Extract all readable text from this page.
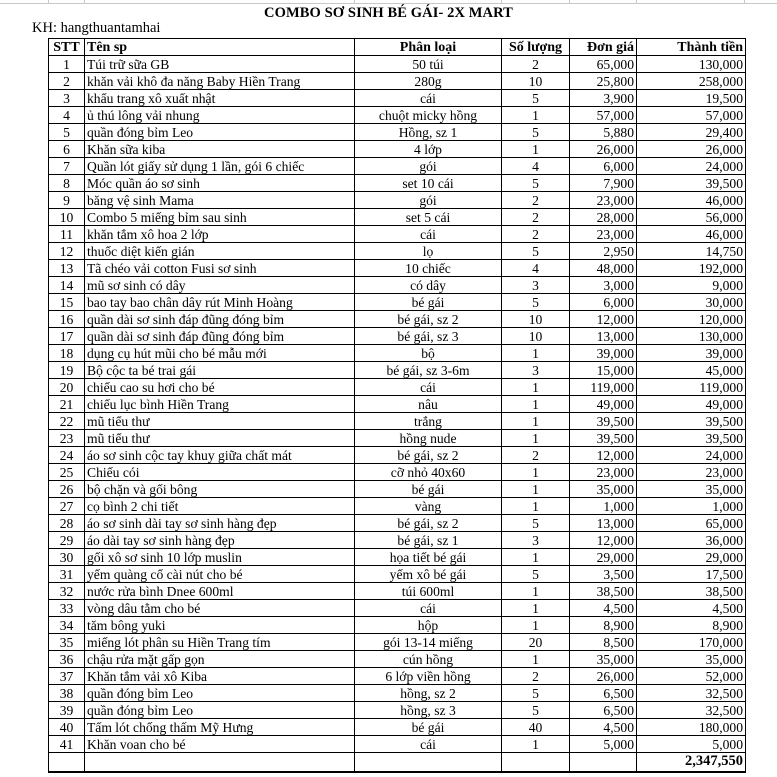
COMBO SƠ SINH BÉ GÁI- 2X MART
KH: hangthuantamhai
STT	Tên sp	Phân loại	Số lượng	Đơn giá	Thành tiền
1	Túi trữ sữa GB	50 túi	2	65,000	130,000
2	khăn vải khô đa năng Baby Hiền Trang	280g	10	25,800	258,000
3	khẩu trang xô xuất nhật	cái	5	3,900	19,500
4	ủ thú lông vải nhung	chuột micky hồng	1	57,000	57,000
5	quần đóng bỉm Leo	Hồng, sz 1	5	5,880	29,400
6	Khăn sữa kiba	4 lớp	1	26,000	26,000
7	Quần lót giấy sử dụng 1 lần, gói 6 chiếc	gói	4	6,000	24,000
8	Móc quần áo sơ sinh	set 10 cái	5	7,900	39,500
9	băng vệ sinh Mama	gói	2	23,000	46,000
10	Combo 5 miếng bỉm sau sinh	set 5 cái	2	28,000	56,000
11	khăn tắm xô hoa 2 lớp	cái	2	23,000	46,000
12	thuốc diệt kiến gián	lọ	5	2,950	14,750
13	Tã chéo vải cotton Fusi sơ sinh	10 chiếc	4	48,000	192,000
14	mũ sơ sinh có dây	có dây	3	3,000	9,000
15	bao tay bao chân dây rút Minh Hoàng	bé gái	5	6,000	30,000
16	quần dài sơ sinh đáp đũng đóng bỉm	bé gái, sz 2	10	12,000	120,000
17	quần dài sơ sinh đáp đũng đóng bỉm	bé gái, sz 3	10	13,000	130,000
18	dụng cụ hút mũi cho bé mẫu mới	bộ	1	39,000	39,000
19	Bộ cộc ta bé trai gái	bé gái, sz 3-6m	3	15,000	45,000
20	chiếu cao su hơi cho bé	cái	1	119,000	119,000
21	chiếu lục bình Hiền Trang	nâu	1	49,000	49,000
22	mũ tiểu thư	trắng	1	39,500	39,500
23	mũ tiểu thư	hồng nude	1	39,500	39,500
24	áo sơ sinh cộc tay khuy giữa chất mát	bé gái, sz 2	2	12,000	24,000
25	Chiếu cói	cỡ nhỏ 40x60	1	23,000	23,000
26	bộ chặn và gối bông	bé gái	1	35,000	35,000
27	cọ bình 2 chi tiết	vàng	1	1,000	1,000
28	áo sơ sinh dài tay sơ sinh hàng đẹp	bé gái, sz 2	5	13,000	65,000
29	áo dài tay sơ sinh hàng đẹp	bé gái, sz 1	3	12,000	36,000
30	gối xô sơ sinh 10 lớp muslin	họa tiết bé gái	1	29,000	29,000
31	yếm quàng cổ cài nút cho bé	yếm xô bé gái	5	3,500	17,500
32	nước rửa bình Dnee 600ml	túi 600ml	1	38,500	38,500
33	vòng dâu tằm cho bé	cái	1	4,500	4,500
34	tăm bông yuki	hộp	1	8,900	8,900
35	miếng lót phân su Hiền Trang tím	gói 13-14 miếng	20	8,500	170,000
36	chậu rửa mặt gấp gọn	cún hồng	1	35,000	35,000
37	Khăn tắm vải xô Kiba	6 lớp viền hồng	2	26,000	52,000
38	quần đóng bỉm Leo	hồng, sz 2	5	6,500	32,500
39	quần đóng bỉm Leo	hồng, sz 3	5	6,500	32,500
40	Tấm lót chống thấm Mỹ Hưng	bé gái	40	4,500	180,000
41	Khăn voan cho bé	cái	1	5,000	5,000
					2,347,550
